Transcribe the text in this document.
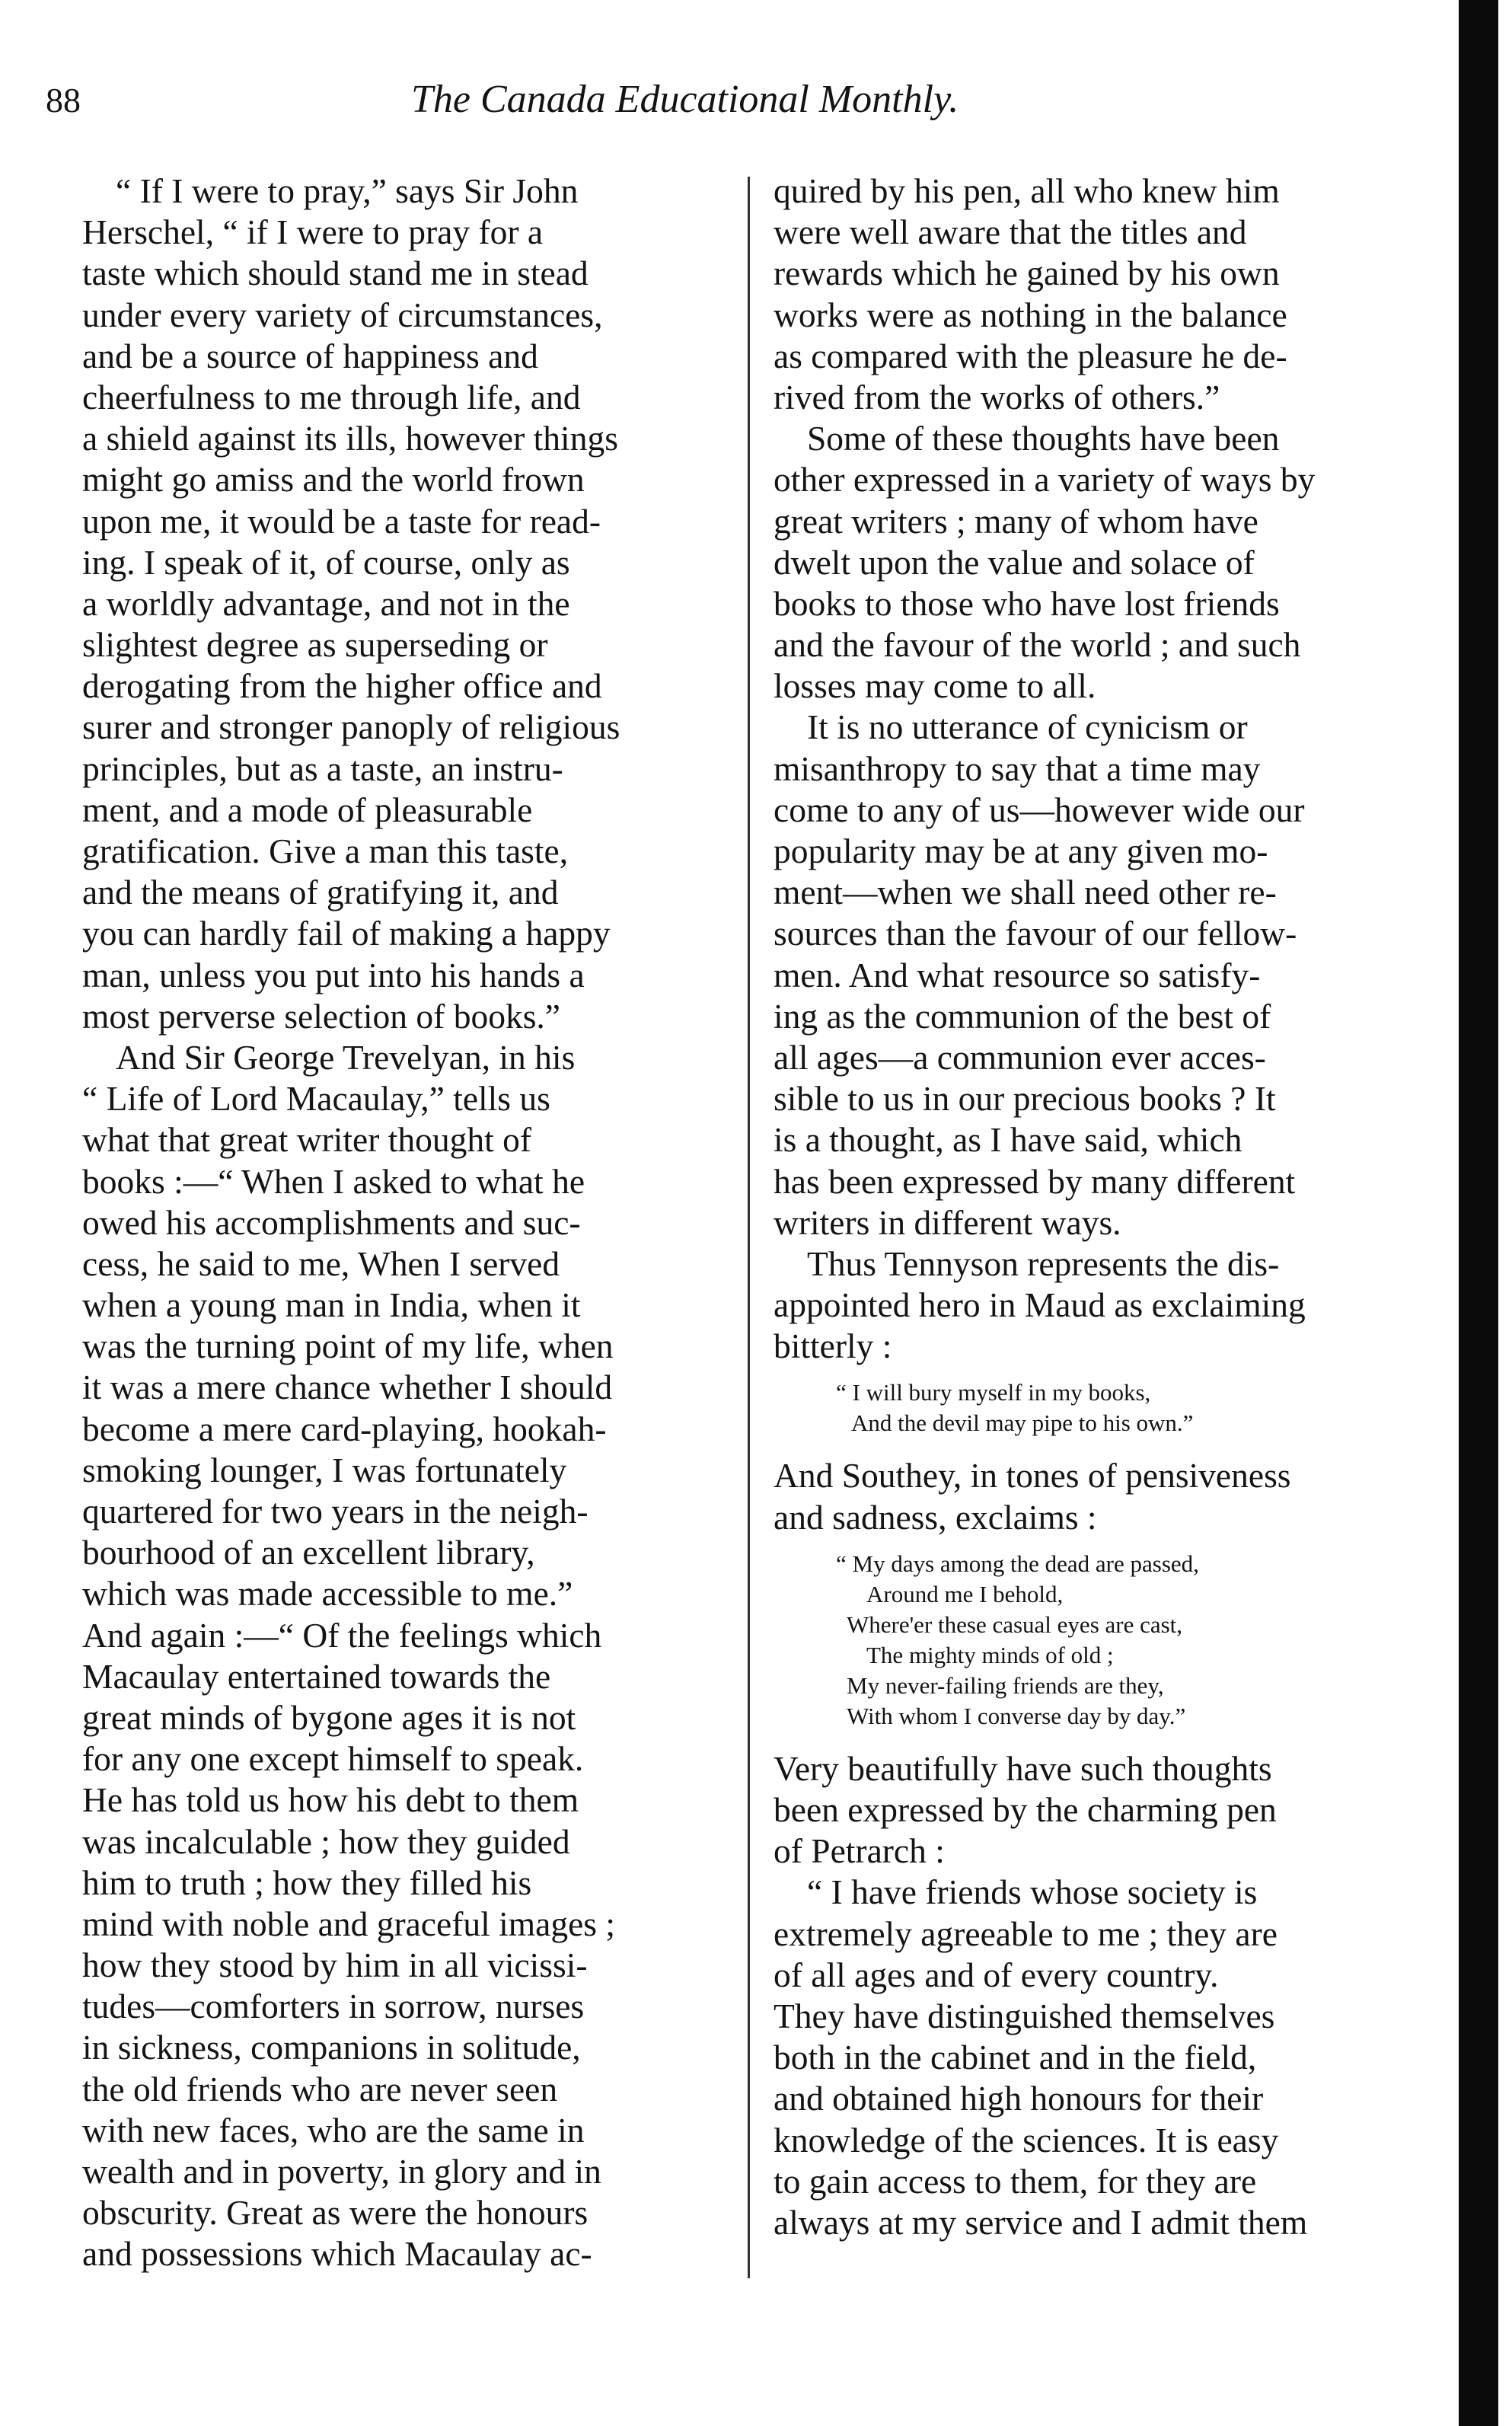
88	The Canada Educational Monthly.
“ If I were to pray,” says Sir John
Herschel, “ if I were to pray for a
taste which should stand me in stead
under every variety of circumstances,
and be a source of happiness and
cheerfulness to me through life, and
a shield against its ills, however things
might go amiss and the world frown
upon me, it would be a taste for read-
ing. I speak of it, of course, only as
a worldly advantage, and not in the
slightest degree as superseding or
derogating from the higher office and
surer and stronger panoply of religious
principles, but as a taste, an instru-
ment, and a mode of pleasurable
gratification. Give a man this taste,
and the means of gratifying it, and
you can hardly fail of making a happy
man, unless you put into his hands a
most perverse selection of books.”
And Sir George Trevelyan, in his
“ Life of Lord Macaulay,” tells us
what that great writer thought of
books :—“ When I asked to what he
owed his accomplishments and suc-
cess, he said to me, When I served
when a young man in India, when it
was the turning point of my life, when
it was a mere chance whether I should
become a mere card-playing, hookah-
smoking lounger, I was fortunately
quartered for two years in the neigh-
bourhood of an excellent library,
which was made accessible to me.”
And again :—“ Of the feelings which
Macaulay entertained towards the
great minds of bygone ages it is not
for any one except himself to speak.
He has told us how his debt to them
was incalculable ; how they guided
him to truth ; how they filled his
mind with noble and graceful images ;
how they stood by him in all vicissi-
tudes—comforters in sorrow, nurses
in sickness, companions in solitude,
the old friends who are never seen
with new faces, who are the same in
wealth and in poverty, in glory and in
obscurity. Great as were the honours
and possessions which Macaulay ac-
quired by his pen, all who knew him
were well aware that the titles and
rewards which he gained by his own
works were as nothing in the balance
as compared with the pleasure he de-
rived from the works of others.”
Some of these thoughts have been
other expressed in a variety of ways by
great writers ; many of whom have
dwelt upon the value and solace of
books to those who have lost friends
and the favour of the world ; and such
losses may come to all.
It is no utterance of cynicism or
misanthropy to say that a time may
come to any of us—however wide our
popularity may be at any given mo-
ment—when we shall need other re-
sources than the favour of our fellow-
men. And what resource so satisfy-
ing as the communion of the best of
all ages—a communion ever acces-
sible to us in our precious books ? It
is a thought, as I have said, which
has been expressed by many different
writers in different ways.
Thus Tennyson represents the dis-
appointed hero in Maud as exclaiming
bitterly :
“ I will bury myself in my books,
And the devil may pipe to his own.”
And Southey, in tones of pensiveness
and sadness, exclaims :
“ My days among the dead are passed,
Around me I behold,
Where'er these casual eyes are cast,
The mighty minds of old ;
My never-failing friends are they,
With whom I converse day by day.”
Very beautifully have such thoughts
been expressed by the charming pen
of Petrarch :
“ I have friends whose society is
extremely agreeable to me ; they are
of all ages and of every country.
They have distinguished themselves
both in the cabinet and in the field,
and obtained high honours for their
knowledge of the sciences. It is easy
to gain access to them, for they are
always at my service and I admit them
